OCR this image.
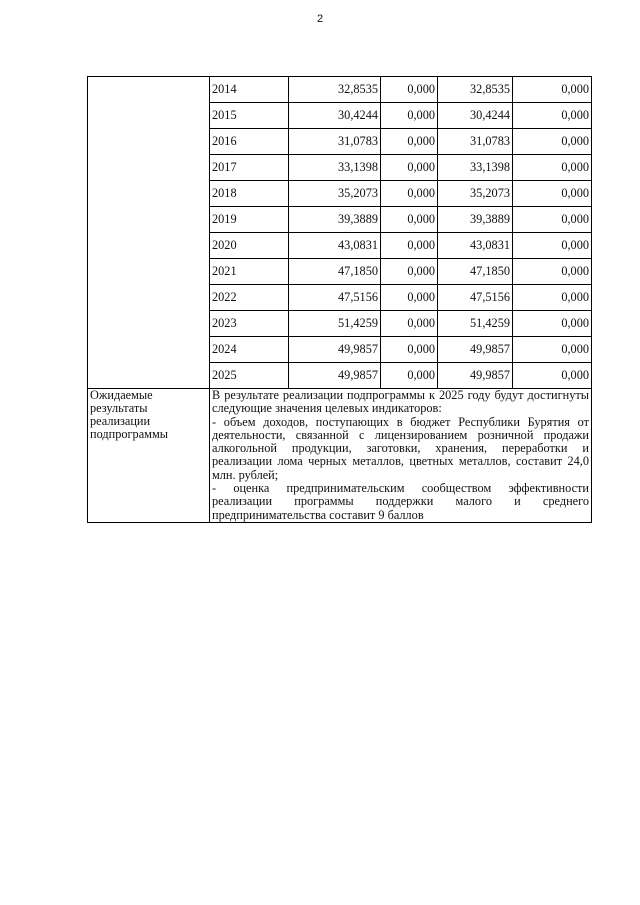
2
	2014	32,8535	0,000	32,8535	0,000
	2015	30,4244	0,000	30,4244	0,000
	2016	31,0783	0,000	31,0783	0,000
	2017	33,1398	0,000	33,1398	0,000
	2018	35,2073	0,000	35,2073	0,000
	2019	39,3889	0,000	39,3889	0,000
	2020	43,0831	0,000	43,0831	0,000
	2021	47,1850	0,000	47,1850	0,000
	2022	47,5156	0,000	47,5156	0,000
	2023	51,4259	0,000	51,4259	0,000
	2024	49,9857	0,000	49,9857	0,000
	2025	49,9857	0,000	49,9857	0,000
Ожидаемые результаты реализации подпрограммы	В результате реализации подпрограммы к 2025 году будут достигнуты следующие значения целевых индикаторов:
- объем доходов, поступающих в бюджет Республики Бурятия от деятельности, связанной с лицензированием розничной продажи алкогольной продукции, заготовки, хранения, переработки и реализации лома черных металлов, цветных металлов, составит 24,0 млн. рублей;
- оценка предпринимательским сообществом эффективности реализации программы поддержки малого и среднего предпринимательства составит 9 баллов				
